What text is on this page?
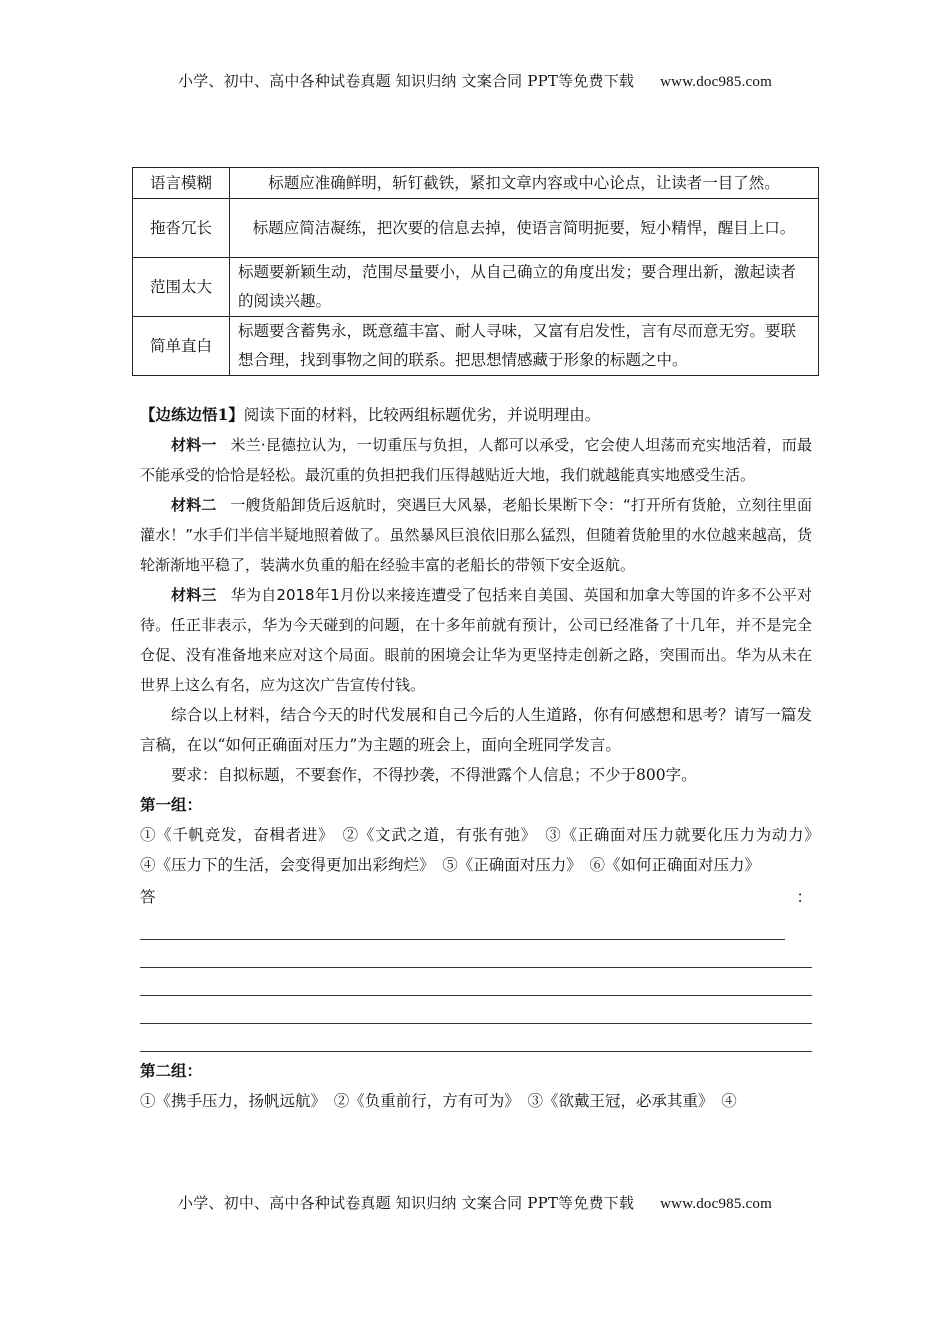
小学、初中、高中各种试卷真题 知识归纳 文案合同 PPT等免费下载 www.doc985.com
语言模糊	标题应准确鲜明，斩钉截铁，紧扣文章内容或中心论点，让读者一目了然。
拖沓冗长	标题应简洁凝练，把次要的信息去掉，使语言简明扼要，短小精悍，醒目上口。
范围太大	标题要新颖生动，范围尽量要小，从自己确立的角度出发；要合理出新，激起读者的阅读兴趣。
简单直白	标题要含蓄隽永，既意蕴丰富、耐人寻味，又富有启发性，言有尽而意无穷。要联想合理，找到事物之间的联系。把思想情感藏于形象的标题之中。

【边练边悟1】阅读下面的材料，比较两组标题优劣，并说明理由。

材料一 米兰·昆德拉认为，一切重压与负担，人都可以承受，它会使人坦荡而充实地活着，而最不能承受的恰恰是轻松。最沉重的负担把我们压得越贴近大地，我们就越能真实地感受生活。

材料二 一艘货船卸货后返航时，突遇巨大风暴，老船长果断下令：“打开所有货舱，立刻往里面灌水！”水手们半信半疑地照着做了。虽然暴风巨浪依旧那么猛烈，但随着货舱里的水位越来越高，货轮渐渐地平稳了，装满水负重的船在经验丰富的老船长的带领下安全返航。

材料三 华为自2018年1月份以来接连遭受了包括来自美国、英国和加拿大等国的许多不公平对待。任正非表示，华为今天碰到的问题，在十多年前就有预计，公司已经准备了十几年，并不是完全仓促、没有准备地来应对这个局面。眼前的困境会让华为更坚持走创新之路，突围而出。华为从未在世界上这么有名，应为这次广告宣传付钱。

综合以上材料，结合今天的时代发展和自己今后的人生道路，你有何感想和思考？请写一篇发言稿，在以“如何正确面对压力”为主题的班会上，面向全班同学发言。

要求：自拟标题，不要套作，不得抄袭，不得泄露个人信息；不少于800字。

第一组：

①《千帆竞发，奋楫者进》　②《文武之道，有张有弛》　③《正确面对压力就要化压力为动力》　④《压力下的生活，会变得更加出彩绚烂》　⑤《正确面对压力》　⑥《如何正确面对压力》

答	：

第二组：

①《携手压力，扬帆远航》　②《负重前行，方有可为》　③《欲戴王冠，必承其重》　④

小学、初中、高中各种试卷真题 知识归纳 文案合同 PPT等免费下载 www.doc985.com
